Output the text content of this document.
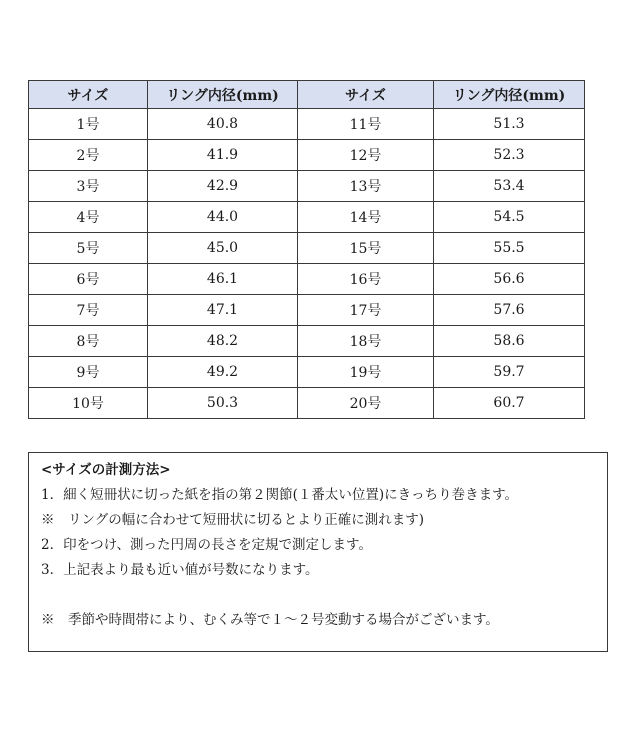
サイズ	リング内径(mm)	サイズ	リング内径(mm)
1号	40.8	11号	51.3
2号	41.9	12号	52.3
3号	42.9	13号	53.4
4号	44.0	14号	54.5
5号	45.0	15号	55.5
6号	46.1	16号	56.6
7号	47.1	17号	57.6
8号	48.2	18号	58.6
9号	49.2	19号	59.7
10号	50.3	20号	60.7
<サイズの計測方法>
1．細く短冊状に切った紙を指の第２関節(１番太い位置)にきっちり巻きます。
※　リングの幅に合わせて短冊状に切るとより正確に測れます)
2．印をつけ、測った円周の長さを定規で測定します。
3．上記表より最も近い値が号数になります。
※　季節や時間帯により、むくみ等で１～２号変動する場合がございます。
